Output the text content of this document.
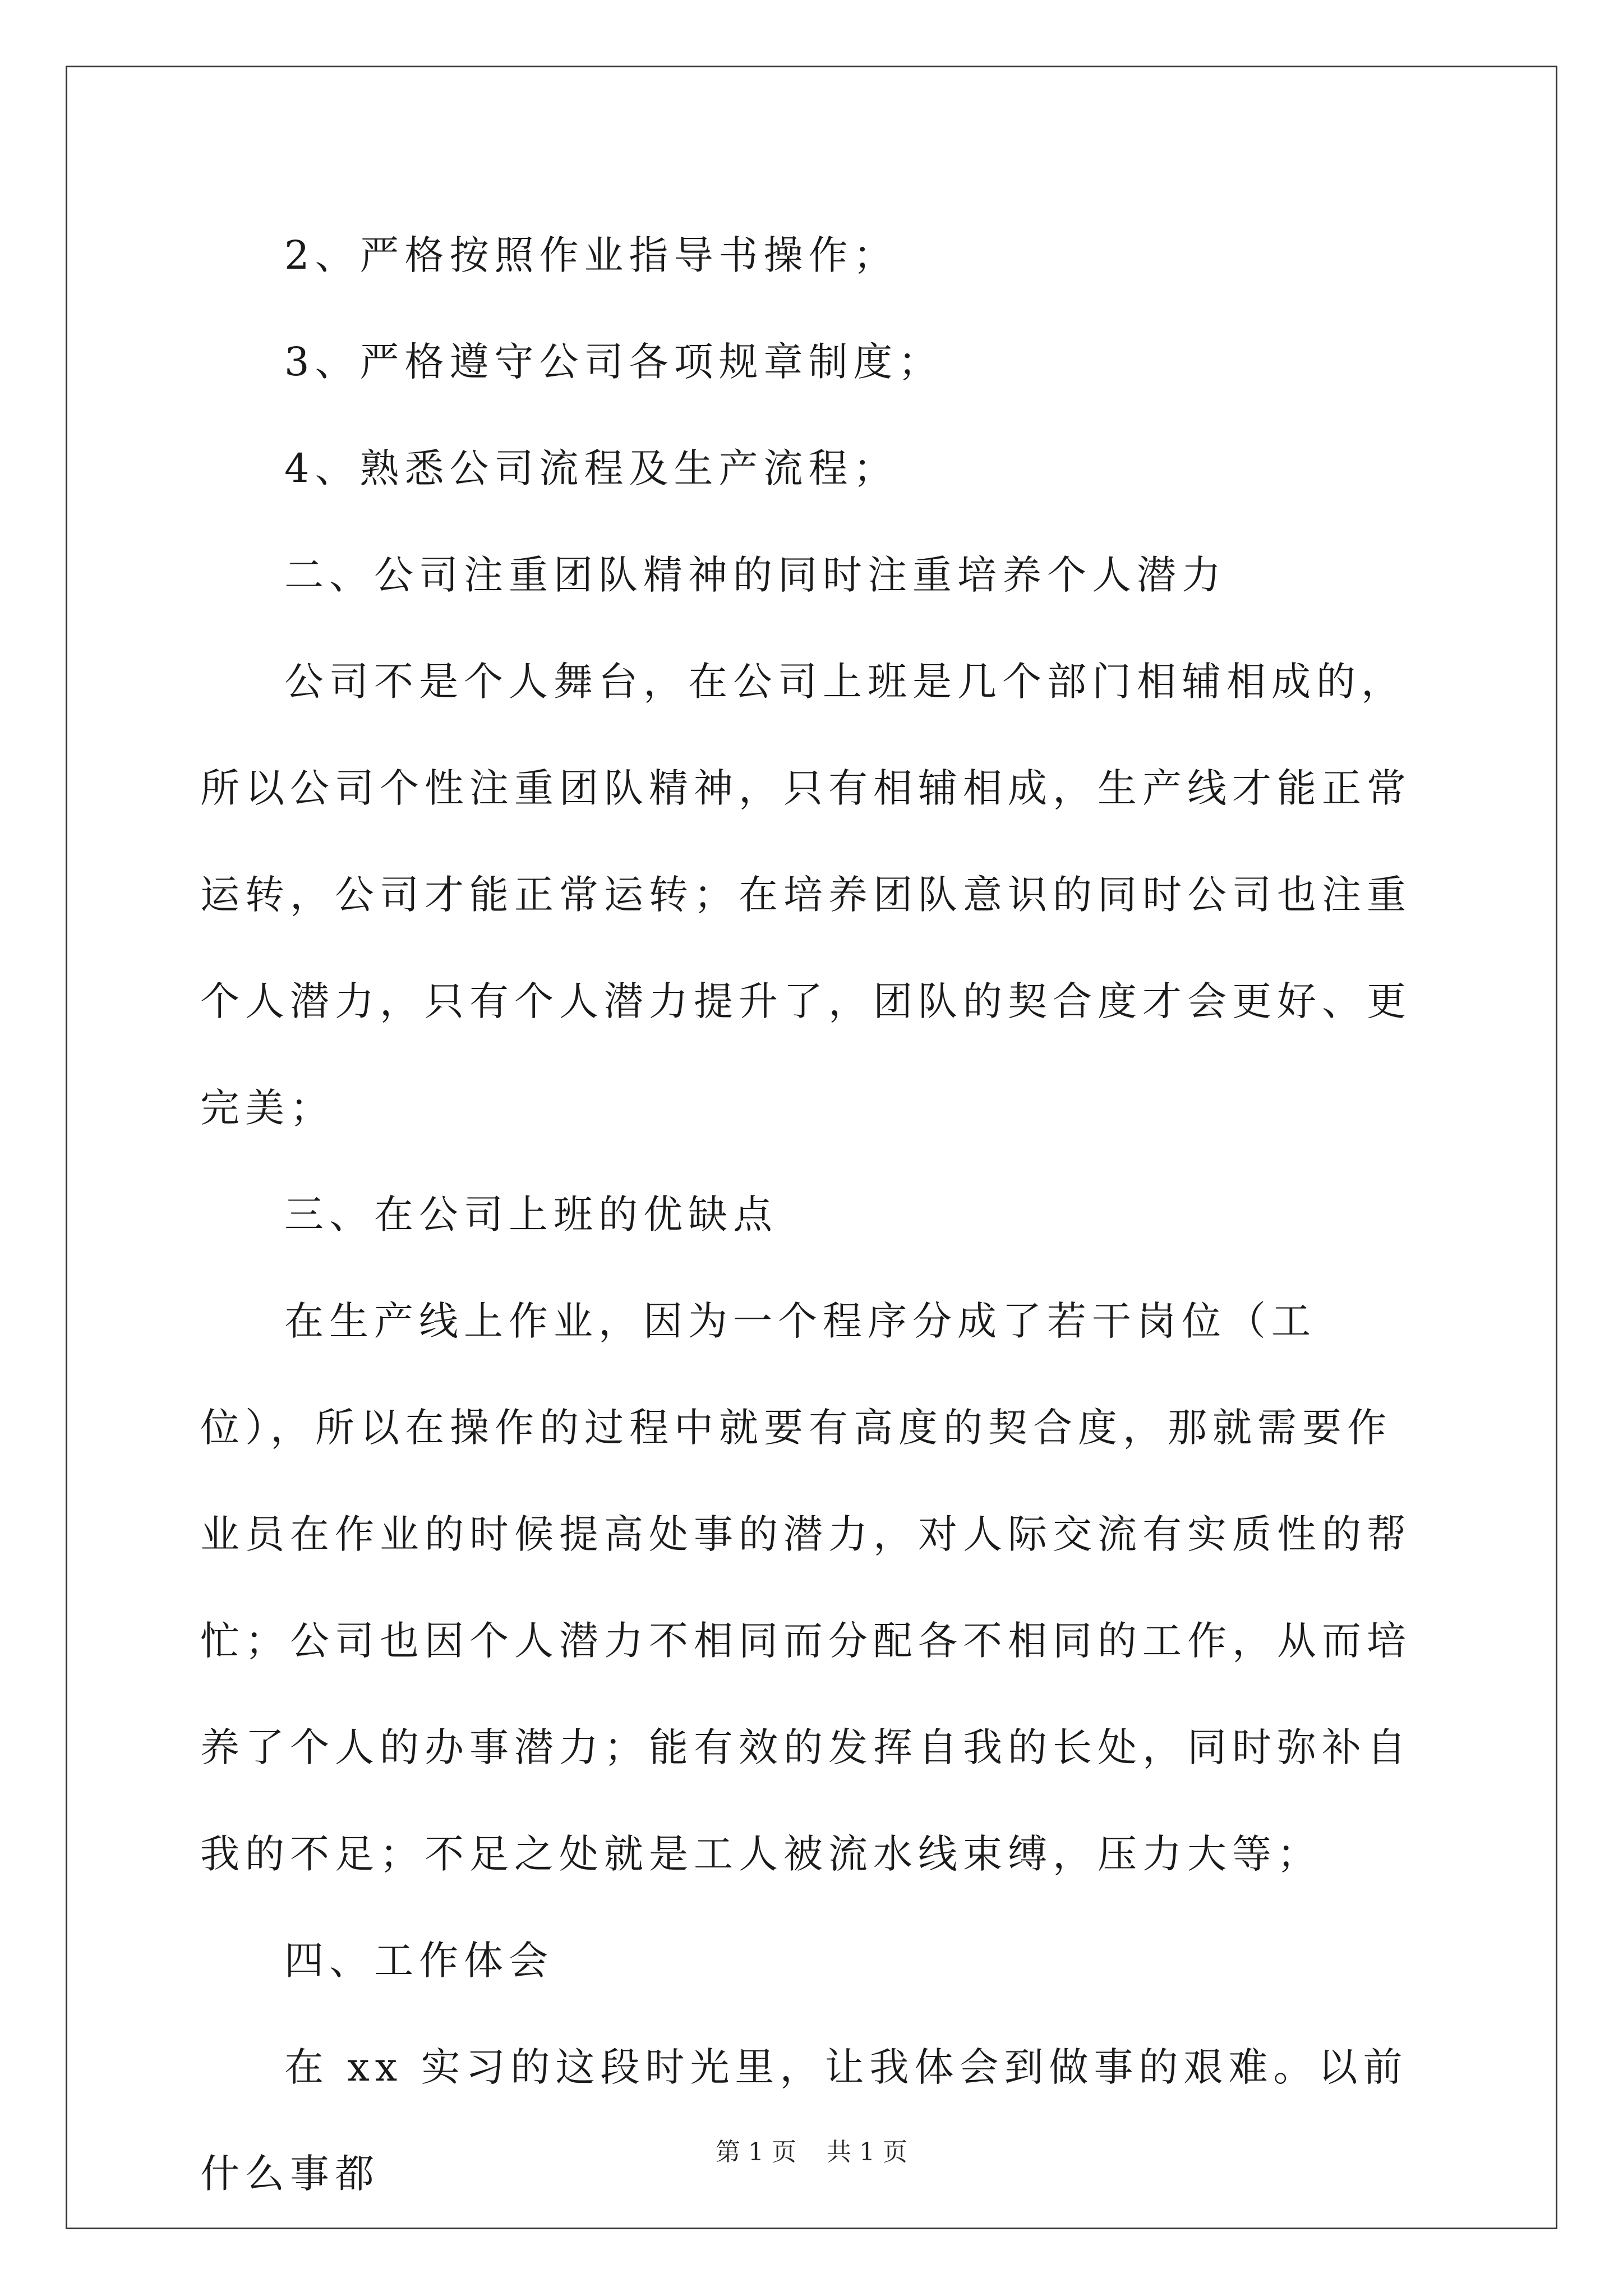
2、严格按照作业指导书操作；

3、严格遵守公司各项规章制度；

4、熟悉公司流程及生产流程；

二、公司注重团队精神的同时注重培养个人潜力

公司不是个人舞台，在公司上班是几个部门相辅相成的，所以公司个性注重团队精神，只有相辅相成，生产线才能正常运转，公司才能正常运转；在培养团队意识的同时公司也注重个人潜力，只有个人潜力提升了，团队的契合度才会更好、更完美；

三、在公司上班的优缺点

在生产线上作业，因为一个程序分成了若干岗位（工位），所以在操作的过程中就要有高度的契合度，那就需要作业员在作业的时候提高处事的潜力，对人际交流有实质性的帮忙；公司也因个人潜力不相同而分配各不相同的工作，从而培养了个人的办事潜力；能有效的发挥自我的长处，同时弥补自我的不足；不足之处就是工人被流水线束缚，压力大等；

四、工作体会

在 xx 实习的这段时光里，让我体会到做事的艰难。以前什么事都	第 1 页 共 1 页
